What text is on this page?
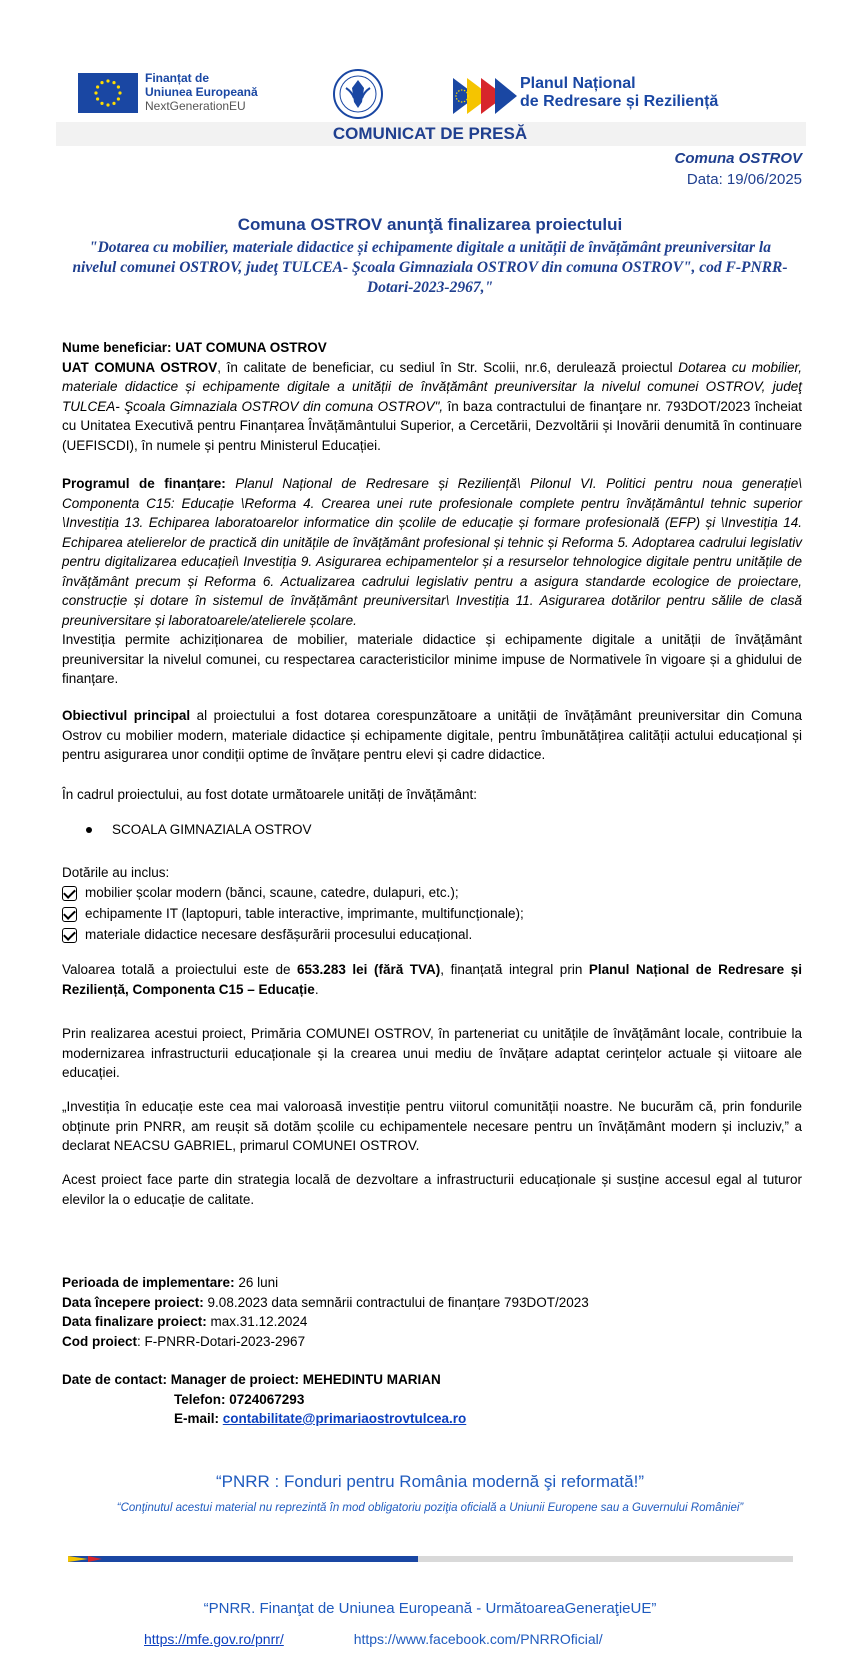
Finanțat de
Uniunea Europeană
NextGenerationEU
Planul Național
de Redresare și Reziliență
COMUNICAT DE PRESĂ
Comuna OSTROV
Data: 19/06/2025
Comuna OSTROV anunţă finalizarea proiectului
"Dotarea cu mobilier, materiale didactice și echipamente digitale a unității de învățământ preuniversitar la nivelul comunei OSTROV, judeţ TULCEA- Şcoala Gimnaziala OSTROV din comuna OSTROV", cod F-PNRR-Dotari-2023-2967,"

Nume beneficiar: UAT COMUNA OSTROV

UAT COMUNA OSTROV, în calitate de beneficiar, cu sediul în Str. Scolii, nr.6, derulează proiectul Dotarea cu mobilier, materiale didactice și echipamente digitale a unității de învățământ preuniversitar la nivelul comunei OSTROV, judeţ TULCEA- Şcoala Gimnaziala OSTROV din comuna OSTROV", în baza contractului de finanţare nr. 793DOT/2023 încheiat cu Unitatea Executivă pentru Finanțarea Învățământului Superior, a Cercetării, Dezvoltării și Inovării denumită în continuare (UEFISCDI), în numele și pentru Ministerul Educației.

Programul de finanțare: Planul Național de Redresare și Reziliență\ Pilonul VI. Politici pentru noua generație\ Componenta C15: Educație \Reforma 4. Crearea unei rute profesionale complete pentru învățământul tehnic superior \Investiția 13. Echiparea laboratoarelor informatice din școlile de educație și formare profesională (EFP) și \Investiția 14. Echiparea atelierelor de practică din unitățile de învățământ profesional și tehnic și Reforma 5. Adoptarea cadrului legislativ pentru digitalizarea educației\ Investiția 9. Asigurarea echipamentelor și a resurselor tehnologice digitale pentru unitățile de învățământ precum și Reforma 6. Actualizarea cadrului legislativ pentru a asigura standarde ecologice de proiectare, construcție și dotare în sistemul de învățământ preuniversitar\ Investiția 11. Asigurarea dotărilor pentru sălile de clasă preuniversitare și laboratoarele/atelierele școlare.

Investiția permite achiziționarea de mobilier, materiale didactice și echipamente digitale a unității de învățământ preuniversitar la nivelul comunei, cu respectarea caracteristicilor minime impuse de Normativele în vigoare și a ghidului de finanțare.

Obiectivul principal al proiectului a fost dotarea corespunzătoare a unității de învățământ preuniversitar din Comuna Ostrov cu mobilier modern, materiale didactice și echipamente digitale, pentru îmbunătățirea calității actului educațional și pentru asigurarea unor condiții optime de învățare pentru elevi și cadre didactice.

În cadrul proiectului, au fost dotate următoarele unități de învățământ:
SCOALA GIMNAZIALA OSTROV

Dotările au inclus:

mobilier școlar modern (bănci, scaune, catedre, dulapuri, etc.);
echipamente IT (laptopuri, table interactive, imprimante, multifuncționale);
materiale didactice necesare desfășurării procesului educațional.

Valoarea totală a proiectului este de 653.283 lei (fără TVA), finanțată integral prin Planul Național de Redresare și Reziliență, Componenta C15 – Educație.

Prin realizarea acestui proiect, Primăria COMUNEI OSTROV, în parteneriat cu unitățile de învățământ locale, contribuie la modernizarea infrastructurii educaționale și la crearea unui mediu de învățare adaptat cerințelor actuale și viitoare ale educației.
„Investiția în educație este cea mai valoroasă investiție pentru viitorul comunității noastre. Ne bucurăm că, prin fondurile obținute prin PNRR, am reușit să dotăm școlile cu echipamentele necesare pentru un învățământ modern și incluziv,” a declarat NEACSU GABRIEL, primarul COMUNEI OSTROV.
Acest proiect face parte din strategia locală de dezvoltare a infrastructurii educaționale și susține accesul egal al tuturor elevilor la o educație de calitate.

Perioada de implementare: 26 luni

Data începere proiect: 9.08.2023 data semnării contractului de finanțare 793DOT/2023

Data finalizare proiect: max.31.12.2024

Cod proiect: F-PNRR-Dotari-2023-2967

Date de contact: Manager de proiect: MEHEDINTU MARIAN

Telefon: 0724067293

E-mail: contabilitate@primariaostrovtulcea.ro

“PNRR : Fonduri pentru România modernă şi reformată!”
“Conţinutul acestui material nu reprezintă în mod obligatoriu poziţia oficială a Uniunii Europene sau a Guvernului României”
“PNRR. Finanţat de Uniunea Europeană - UrmătoareaGeneraţieUE”
https://mfe.gov.ro/pnrr/	https://www.facebook.com/PNRROficial/
